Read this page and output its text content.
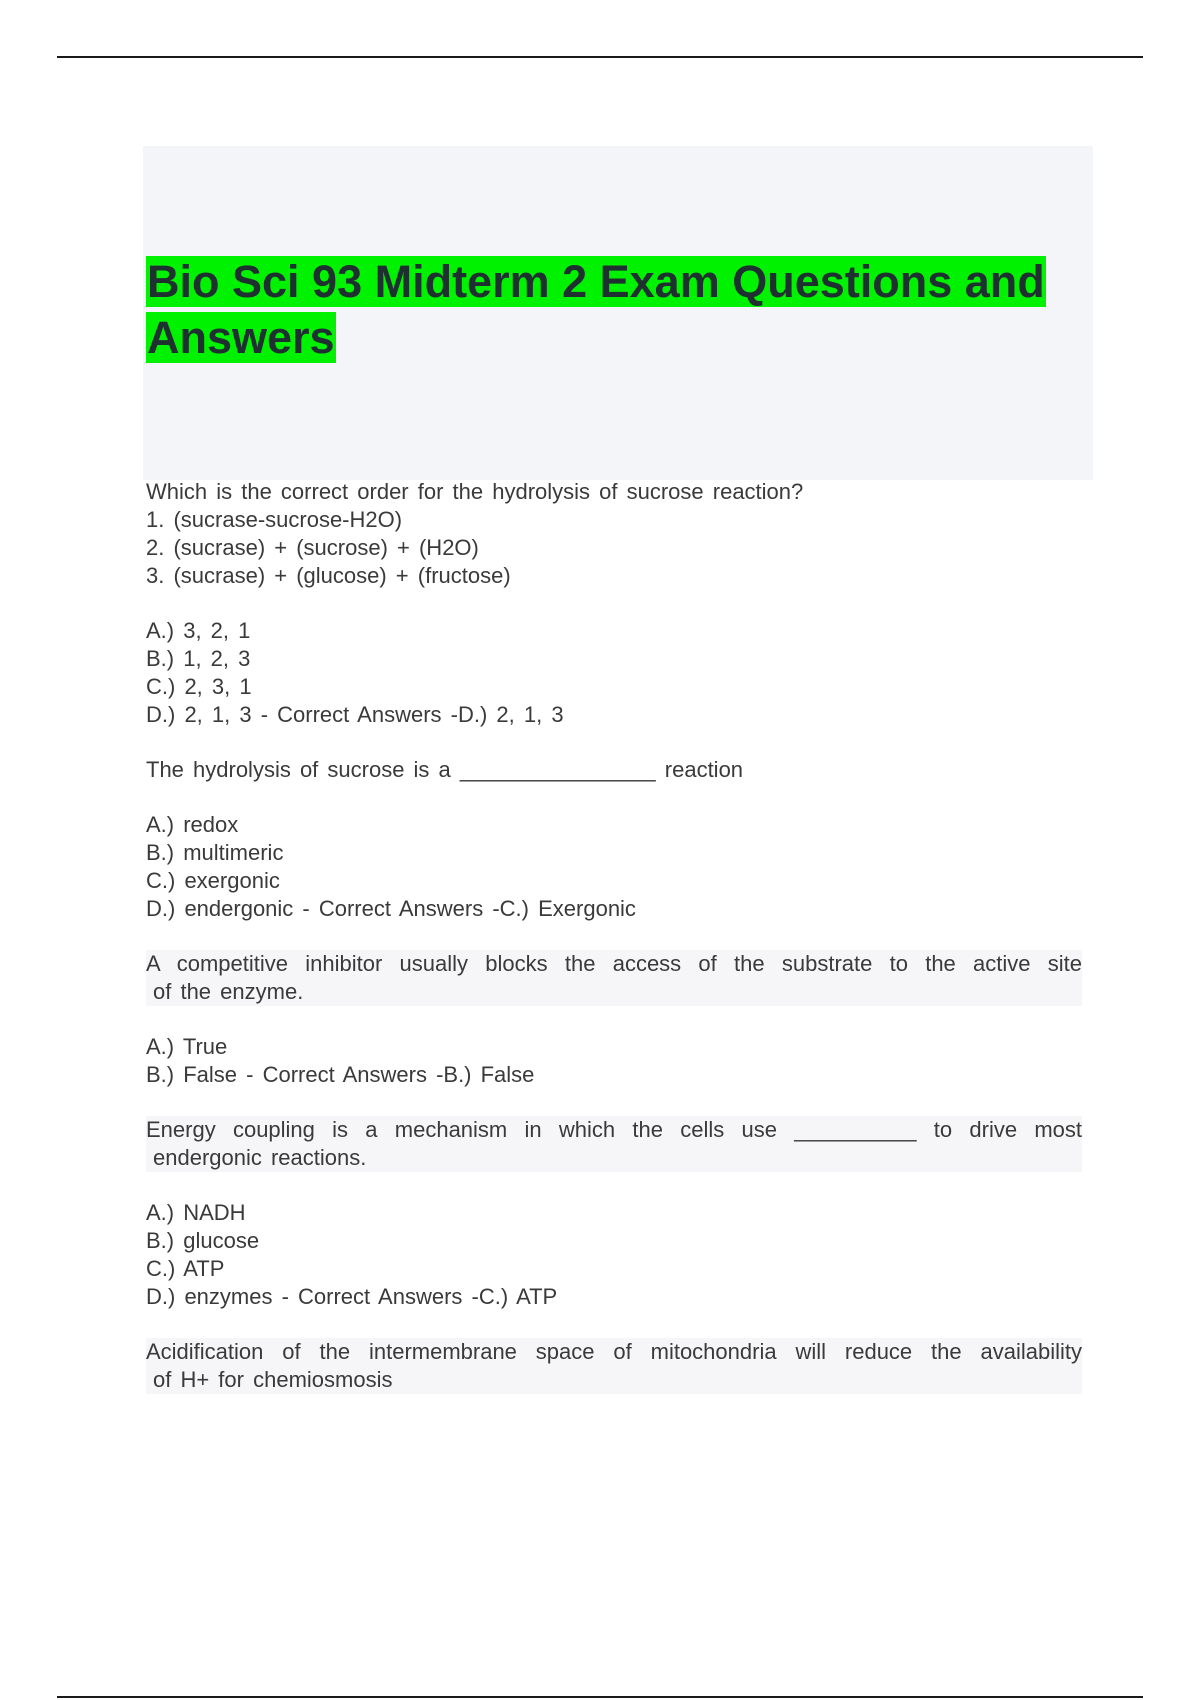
Bio Sci 93 Midterm 2 Exam Questions and Answers
Which is the correct order for the hydrolysis of sucrose reaction?
1. (sucrase-sucrose-H2O)
2. (sucrase) + (sucrose) + (H2O)
3. (sucrase) + (glucose) + (fructose)
A.) 3, 2, 1
B.) 1, 2, 3
C.) 2, 3, 1
D.) 2, 1, 3 - Correct Answers -D.) 2, 1, 3
The hydrolysis of sucrose is a ________________ reaction
A.) redox
B.) multimeric
C.) exergonic
D.) endergonic - Correct Answers -C.) Exergonic
A competitive inhibitor usually blocks the access of the substrate to the active site
of the enzyme.
A.) True
B.) False - Correct Answers -B.) False
Energy coupling is a mechanism in which the cells use __________ to drive most
endergonic reactions.
A.) NADH
B.) glucose
C.) ATP
D.) enzymes - Correct Answers -C.) ATP
Acidification of the intermembrane space of mitochondria will reduce the availability
of H+ for chemiosmosis
